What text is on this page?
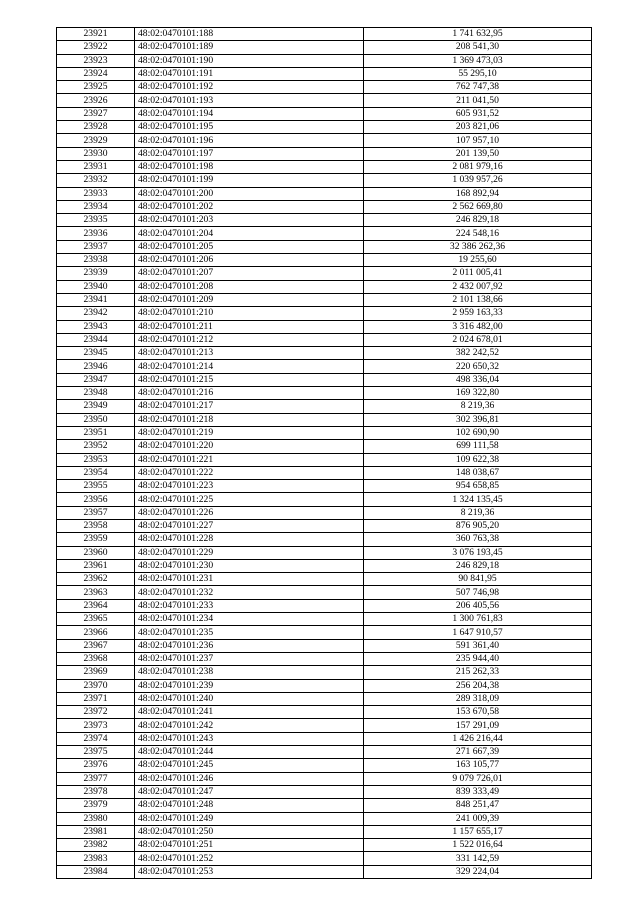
23921	48:02:0470101:188	1 741 632,95
23922	48:02:0470101:189	208 541,30
23923	48:02:0470101:190	1 369 473,03
23924	48:02:0470101:191	55 295,10
23925	48:02:0470101:192	762 747,38
23926	48:02:0470101:193	211 041,50
23927	48:02:0470101:194	605 931,52
23928	48:02:0470101:195	203 821,06
23929	48:02:0470101:196	107 957,10
23930	48:02:0470101:197	201 139,50
23931	48:02:0470101:198	2 081 979,16
23932	48:02:0470101:199	1 039 957,26
23933	48:02:0470101:200	168 892,94
23934	48:02:0470101:202	2 562 669,80
23935	48:02:0470101:203	246 829,18
23936	48:02:0470101:204	224 548,16
23937	48:02:0470101:205	32 386 262,36
23938	48:02:0470101:206	19 255,60
23939	48:02:0470101:207	2 011 005,41
23940	48:02:0470101:208	2 432 007,92
23941	48:02:0470101:209	2 101 138,66
23942	48:02:0470101:210	2 959 163,33
23943	48:02:0470101:211	3 316 482,00
23944	48:02:0470101:212	2 024 678,01
23945	48:02:0470101:213	382 242,52
23946	48:02:0470101:214	220 650,32
23947	48:02:0470101:215	498 336,04
23948	48:02:0470101:216	169 322,80
23949	48:02:0470101:217	8 219,36
23950	48:02:0470101:218	302 396,81
23951	48:02:0470101:219	102 690,90
23952	48:02:0470101:220	699 111,58
23953	48:02:0470101:221	109 622,38
23954	48:02:0470101:222	148 038,67
23955	48:02:0470101:223	954 658,85
23956	48:02:0470101:225	1 324 135,45
23957	48:02:0470101:226	8 219,36
23958	48:02:0470101:227	876 905,20
23959	48:02:0470101:228	360 763,38
23960	48:02:0470101:229	3 076 193,45
23961	48:02:0470101:230	246 829,18
23962	48:02:0470101:231	90 841,95
23963	48:02:0470101:232	507 746,98
23964	48:02:0470101:233	206 405,56
23965	48:02:0470101:234	1 300 761,83
23966	48:02:0470101:235	1 647 910,57
23967	48:02:0470101:236	591 361,40
23968	48:02:0470101:237	235 944,40
23969	48:02:0470101:238	215 262,33
23970	48:02:0470101:239	256 204,38
23971	48:02:0470101:240	289 318,09
23972	48:02:0470101:241	153 670,58
23973	48:02:0470101:242	157 291,09
23974	48:02:0470101:243	1 426 216,44
23975	48:02:0470101:244	271 667,39
23976	48:02:0470101:245	163 105,77
23977	48:02:0470101:246	9 079 726,01
23978	48:02:0470101:247	839 333,49
23979	48:02:0470101:248	848 251,47
23980	48:02:0470101:249	241 009,39
23981	48:02:0470101:250	1 157 655,17
23982	48:02:0470101:251	1 522 016,64
23983	48:02:0470101:252	331 142,59
23984	48:02:0470101:253	329 224,04
